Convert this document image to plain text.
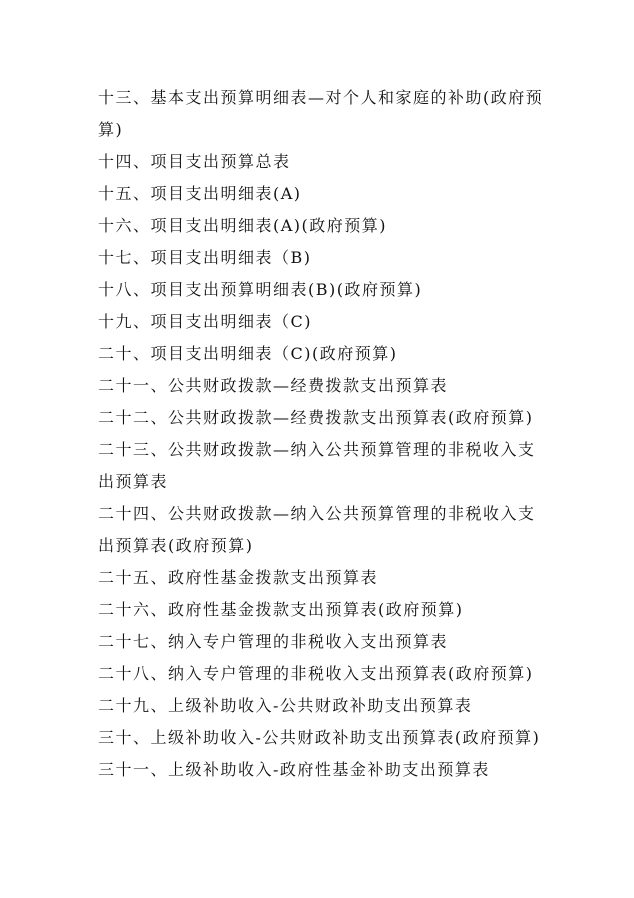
十三、基本支出预算明细表—对个人和家庭的补助(政府预算)

十四、项目支出预算总表

十五、项目支出明细表(A)

十六、项目支出明细表(A)(政府预算)

十七、项目支出明细表（B)

十八、项目支出预算明细表(B)(政府预算)

十九、项目支出明细表（C)

二十、项目支出明细表（C)(政府预算)

二十一、公共财政拨款—经费拨款支出预算表

二十二、公共财政拨款—经费拨款支出预算表(政府预算)

二十三、公共财政拨款—纳入公共预算管理的非税收入支出预算表

二十四、公共财政拨款—纳入公共预算管理的非税收入支出预算表(政府预算)

二十五、政府性基金拨款支出预算表

二十六、政府性基金拨款支出预算表(政府预算)

二十七、纳入专户管理的非税收入支出预算表

二十八、纳入专户管理的非税收入支出预算表(政府预算)

二十九、上级补助收入-公共财政补助支出预算表

三十、上级补助收入-公共财政补助支出预算表(政府预算)

三十一、上级补助收入-政府性基金补助支出预算表
